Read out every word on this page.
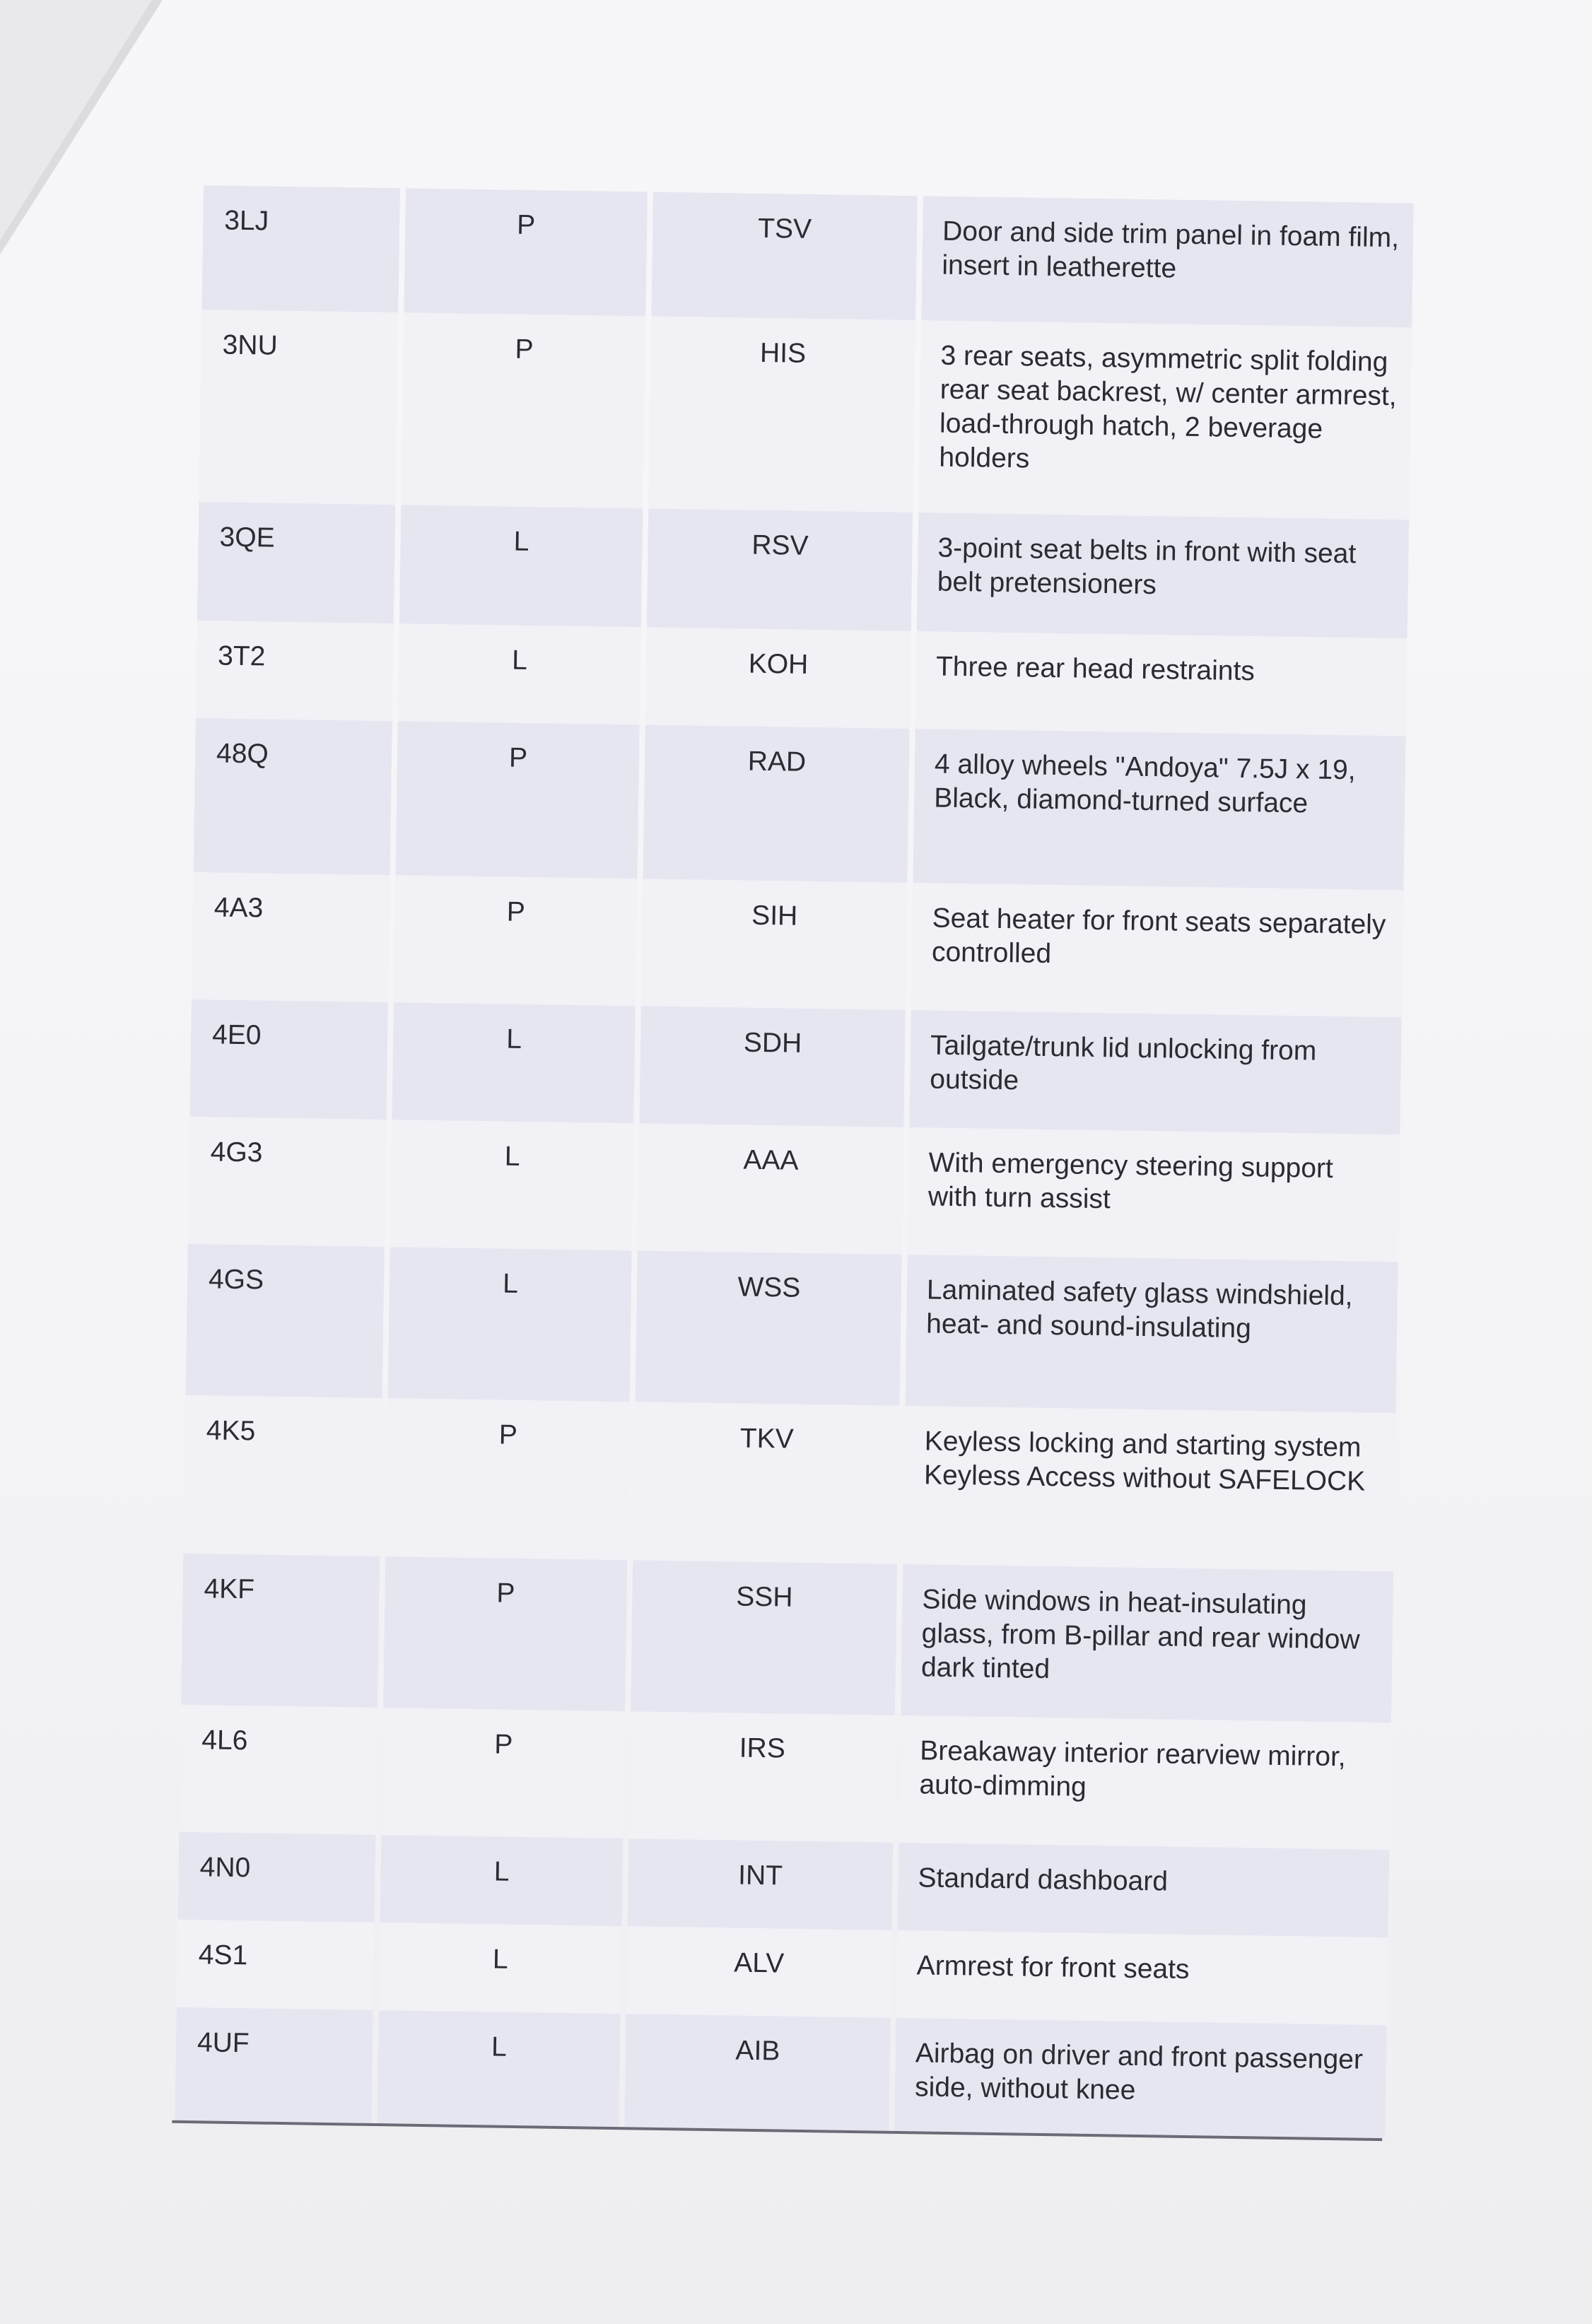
3LJ	P	TSV	Door and side trim panel in foam film, insert in leatherette
3NU	P	HIS	3 rear seats, asymmetric split folding rear seat backrest, w/ center armrest, load-through hatch, 2 beverage holders
3QE	L	RSV	3-point seat belts in front with seat belt pretensioners
3T2	L	KOH	Three rear head restraints
48Q	P	RAD	4 alloy wheels "Andoya" 7.5J x 19, Black, diamond-turned surface
4A3	P	SIH	Seat heater for front seats separately controlled
4E0	L	SDH	Tailgate/trunk lid unlocking from outside
4G3	L	AAA	With emergency steering support with turn assist
4GS	L	WSS	Laminated safety glass windshield, heat- and sound-insulating
4K5	P	TKV	Keyless locking and starting system Keyless Access without SAFELOCK
4KF	P	SSH	Side windows in heat-insulating glass, from B-pillar and rear window dark tinted
4L6	P	IRS	Breakaway interior rearview mirror, auto-dimming
4N0	L	INT	Standard dashboard
4S1	L	ALV	Armrest for front seats
4UF	L	AIB	Airbag on driver and front passenger side, without knee
